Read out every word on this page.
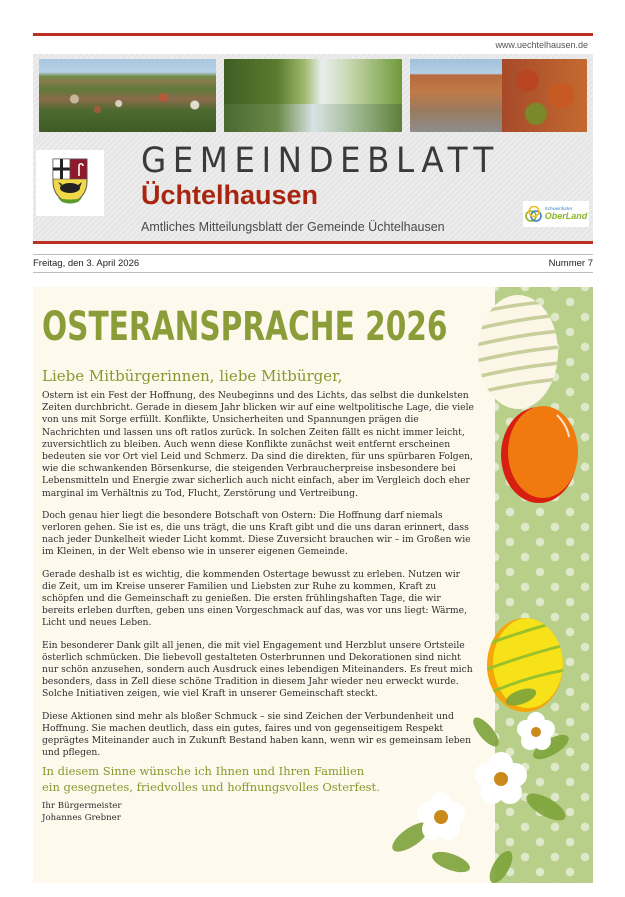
www.uechtelhausen.de
GEMEINDEBLATT
Üchtelhausen
Amtliches Mitteilungsblatt der Gemeinde Üchtelhausen
Schweinfurter
OberLand
Freitag, den 3. April 2026	Nummer 7
OSTERANSPRACHE 2026
Liebe Mitbürgerinnen, liebe Mitbürger,

Ostern ist ein Fest der Hoffnung, des Neubeginns und des Lichts, das selbst die dunkelsten Zeiten durchbricht. Gerade in diesem Jahr blicken wir auf eine weltpolitische Lage, die viele von uns mit Sorge erfüllt. Konflikte, Unsicherheiten und Spannungen prägen die Nachrichten und lassen uns oft ratlos zurück. In solchen Zeiten fällt es nicht immer leicht, zuversichtlich zu bleiben. Auch wenn diese Konflikte zunächst weit entfernt erscheinen bedeuten sie vor Ort viel Leid und Schmerz. Da sind die direkten, für uns spürbaren Folgen, wie die schwankenden Börsenkurse, die steigenden Verbraucherpreise insbesondere bei Lebensmitteln und Energie zwar sicherlich auch nicht einfach, aber im Vergleich doch eher marginal im Verhältnis zu Tod, Flucht, Zerstörung und Vertreibung.

Doch genau hier liegt die besondere Botschaft von Ostern: Die Hoffnung darf niemals verloren gehen. Sie ist es, die uns trägt, die uns Kraft gibt und die uns daran erinnert, dass nach jeder Dunkelheit wieder Licht kommt. Diese Zuversicht brauchen wir – im Großen wie im Kleinen, in der Welt ebenso wie in unserer eigenen Gemeinde.

Gerade deshalb ist es wichtig, die kommenden Ostertage bewusst zu erleben. Nutzen wir die Zeit, um im Kreise unserer Familien und Liebsten zur Ruhe zu kommen, Kraft zu schöpfen und die Gemeinschaft zu genießen. Die ersten frühlingshaften Tage, die wir bereits erleben durften, geben uns einen Vorgeschmack auf das, was vor uns liegt: Wärme, Licht und neues Leben.

Ein besonderer Dank gilt all jenen, die mit viel Engagement und Herzblut unsere Ortsteile österlich schmücken. Die liebevoll gestalteten Osterbrunnen und Dekorationen sind nicht nur schön anzusehen, sondern auch Ausdruck eines lebendigen Miteinanders. Es freut mich besonders, dass in Zell diese schöne Tradition in diesem Jahr wieder neu erweckt wurde. Solche Initiativen zeigen, wie viel Kraft in unserer Gemeinschaft steckt.

Diese Aktionen sind mehr als bloßer Schmuck – sie sind Zeichen der Verbundenheit und Hoffnung. Sie machen deutlich, dass ein gutes, faires und von gegenseitigem Respekt geprägtes Miteinander auch in Zukunft Bestand haben kann, wenn wir es gemeinsam leben und pflegen.

In diesem Sinne wünsche ich Ihnen und Ihren Familien
ein gesegnetes, friedvolles und hoffnungsvolles Osterfest.
Ihr Bürgermeister
Johannes Grebner
